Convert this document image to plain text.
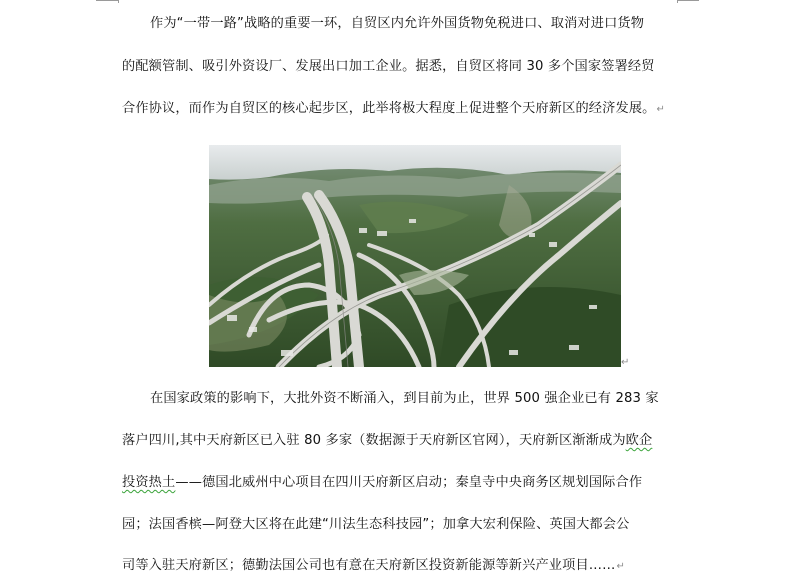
作为“一带一路”战略的重要一环，自贸区内允许外国货物免税进口、取消对进口货物
的配额管制、吸引外资设厂、发展出口加工企业。据悉，自贸区将同 30 多个国家签署经贸
合作协议，而作为自贸区的核心起步区，此举将极大程度上促进整个天府新区的经济发展。↵
↵
在国家政策的影响下，大批外资不断涌入，到目前为止，世界 500 强企业已有 283 家
落户四川,其中天府新区已入驻 80 多家（数据源于天府新区官网），天府新区渐渐成为欧企
投资热土——德国北威州中心项目在四川天府新区启动；秦皇寺中央商务区规划国际合作
园；法国香槟—阿登大区将在此建“川法生态科技园”；加拿大宏利保险、英国大都会公
司等入驻天府新区；德勤法国公司也有意在天府新区投资新能源等新兴产业项目……↵
